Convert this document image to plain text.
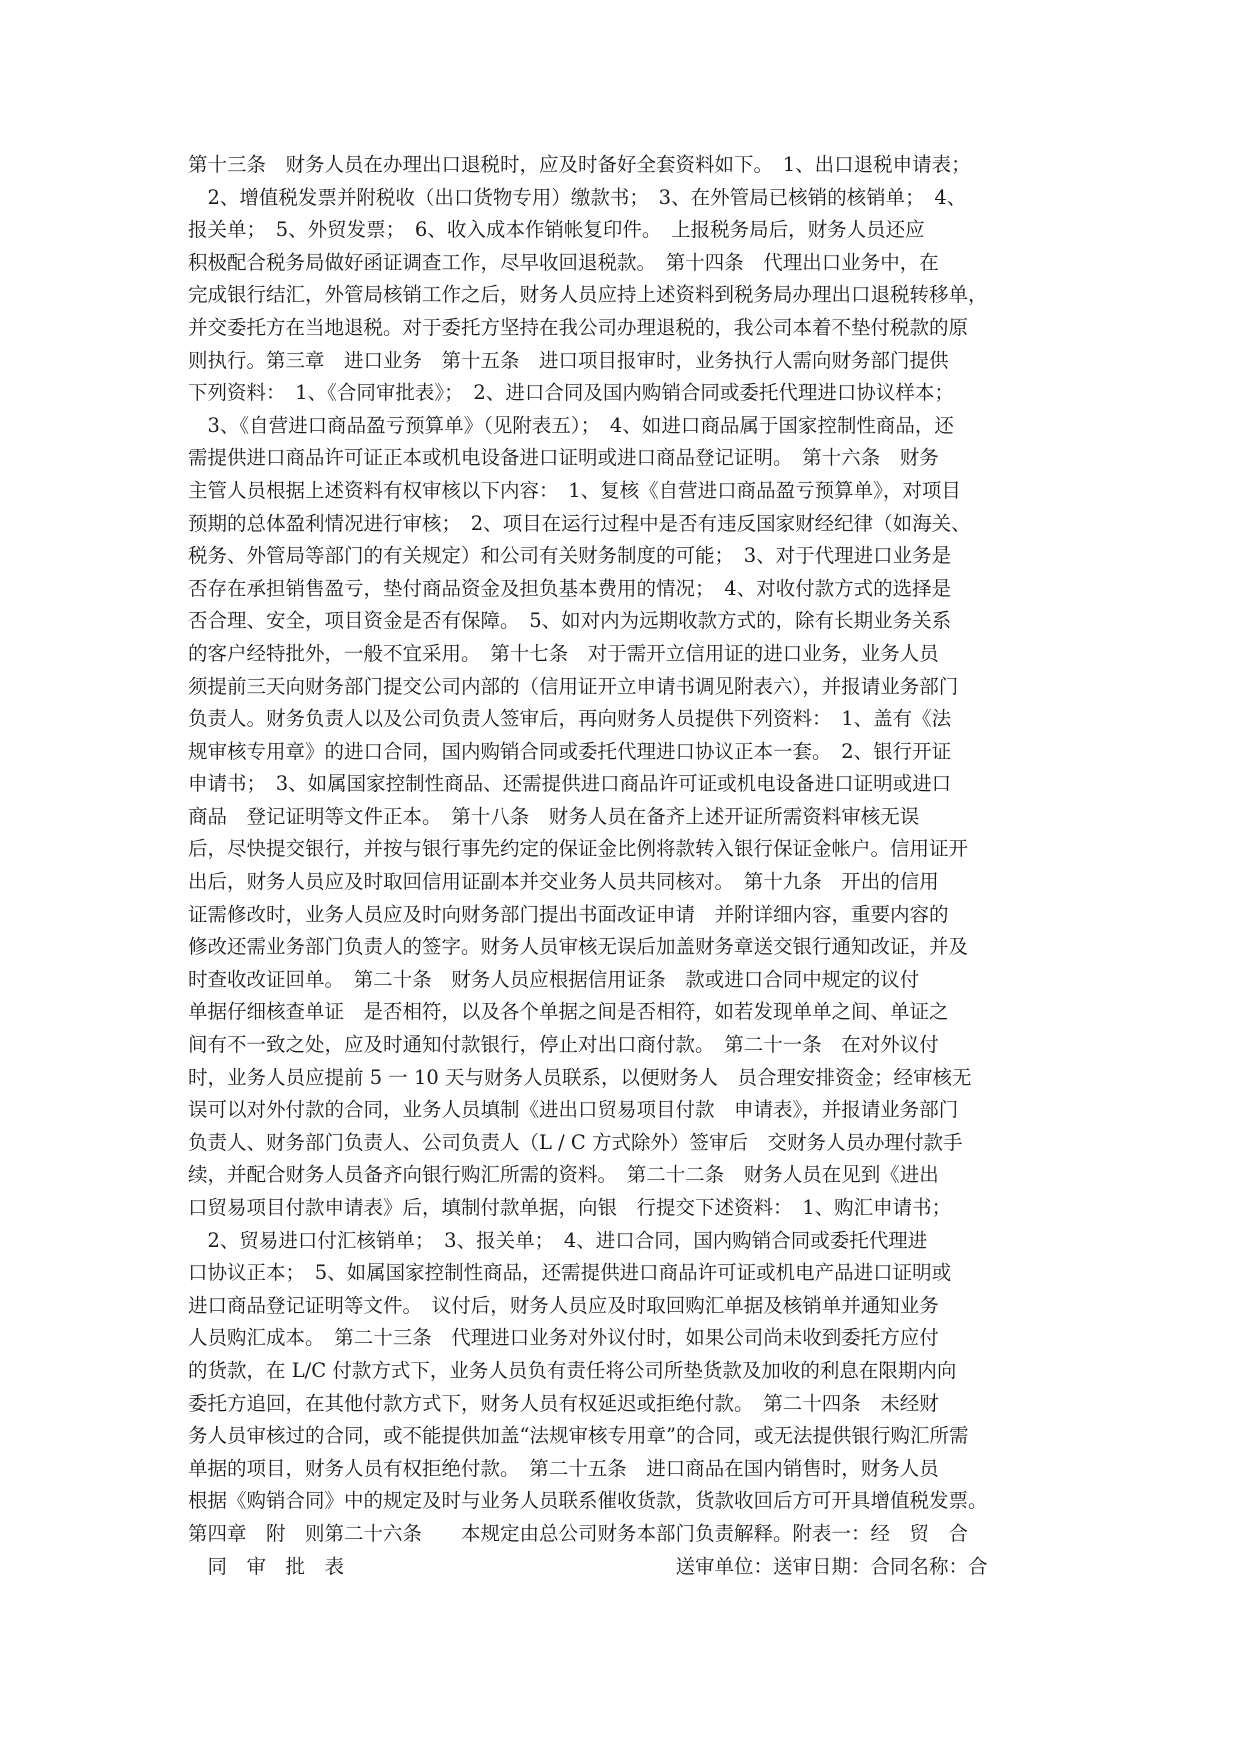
第十三条　财务人员在办理出口退税时，应及时备好全套资料如下。　1、出口退税申请表；
　2、增值税发票并附税收（出口货物专用）缴款书；　3、在外管局已核销的核销单；　4、
报关单；　5、外贸发票；　6、收入成本作销帐复印件。　上报税务局后，财务人员还应
积极配合税务局做好函证调查工作，尽早收回退税款。　第十四条　代理出口业务中，在
完成银行结汇，外管局核销工作之后，财务人员应持上述资料到税务局办理出口退税转移单，
并交委托方在当地退税。对于委托方坚持在我公司办理退税的，我公司本着不垫付税款的原
则执行。第三章　进口业务　第十五条　进口项目报审时，业务执行人需向财务部门提供
下列资料：　1、《合同审批表》；　2、进口合同及国内购销合同或委托代理进口协议样本；
　3、《自营进口商品盈亏预算单》（见附表五）；　4、如进口商品属于国家控制性商品，还
需提供进口商品许可证正本或机电设备进口证明或进口商品登记证明。　第十六条　财务
主管人员根据上述资料有权审核以下内容：　1、复核《自营进口商品盈亏预算单》，对项目
预期的总体盈利情况进行审核；　2、项目在运行过程中是否有违反国家财经纪律（如海关、
税务、外管局等部门的有关规定）和公司有关财务制度的可能；　3、对于代理进口业务是
否存在承担销售盈亏，垫付商品资金及担负基本费用的情况；　4、对收付款方式的选择是
否合理、安全，项目资金是否有保障。　5、如对内为远期收款方式的，除有长期业务关系
的客户经特批外，一般不宜采用。　第十七条　对于需开立信用证的进口业务，业务人员
须提前三天向财务部门提交公司内部的（信用证开立申请书调见附表六），并报请业务部门
负责人。财务负责人以及公司负责人签审后，再向财务人员提供下列资料：　1、盖有《法
规审核专用章》的进口合同，国内购销合同或委托代理进口协议正本一套。　2、银行开证
申请书；　3、如属国家控制性商品、还需提供进口商品许可证或机电设备进口证明或进口
商品　登记证明等文件正本。　第十八条　财务人员在备齐上述开证所需资料审核无误
后，尽快提交银行，并按与银行事先约定的保证金比例将款转入银行保证金帐户。信用证开
出后，财务人员应及时取回信用证副本并交业务人员共同核对。　第十九条　开出的信用
证需修改时，业务人员应及时向财务部门提出书面改证申请　并附详细内容，重要内容的
修改还需业务部门负责人的签字。财务人员审核无误后加盖财务章送交银行通知改证，并及
时查收改证回单。　第二十条　财务人员应根据信用证条　款或进口合同中规定的议付
单据仔细核查单证　是否相符，以及各个单据之间是否相符，如若发现单单之间、单证之
间有不一致之处，应及时通知付款银行，停止对出口商付款。　第二十一条　在对外议付
时，业务人员应提前 5 一 10 天与财务人员联系，以便财务人　员合理安排资金；经审核无
误可以对外付款的合同，业务人员填制《进出口贸易项目付款　申请表》，并报请业务部门
负责人、财务部门负责人、公司负责人（L / C 方式除外）签审后　交财务人员办理付款手
续，并配合财务人员备齐向银行购汇所需的资料。　第二十二条　财务人员在见到《进出
口贸易项目付款申请表》后，填制付款单据，向银　行提交下述资料：　1、购汇申请书；
　2、贸易进口付汇核销单；　3、报关单；　4、进口合同，国内购销合同或委托代理进
口协议正本；　5、如属国家控制性商品，还需提供进口商品许可证或机电产品进口证明或
进口商品登记证明等文件。　议付后，财务人员应及时取回购汇单据及核销单并通知业务
人员购汇成本。　第二十三条　代理进口业务对外议付时，如果公司尚未收到委托方应付
的货款，在 L/C 付款方式下，业务人员负有责任将公司所垫货款及加收的利息在限期内向
委托方追回，在其他付款方式下，财务人员有权延迟或拒绝付款。　第二十四条　未经财
务人员审核过的合同，或不能提供加盖“法规审核专用章”的合同，或无法提供银行购汇所需
单据的项目，财务人员有权拒绝付款。　第二十五条　进口商品在国内销售时，财务人员
根据《购销合同》中的规定及时与业务人员联系催收货款，货款收回后方可开具增值税发票。
第四章　附　则第二十六条　　本规定由总公司财务本部门负责解释。附表一：经　贸　合
　同　审　批　表　　　　　　　　　　　　　　　　　送审单位：送审日期：合同名称：合
